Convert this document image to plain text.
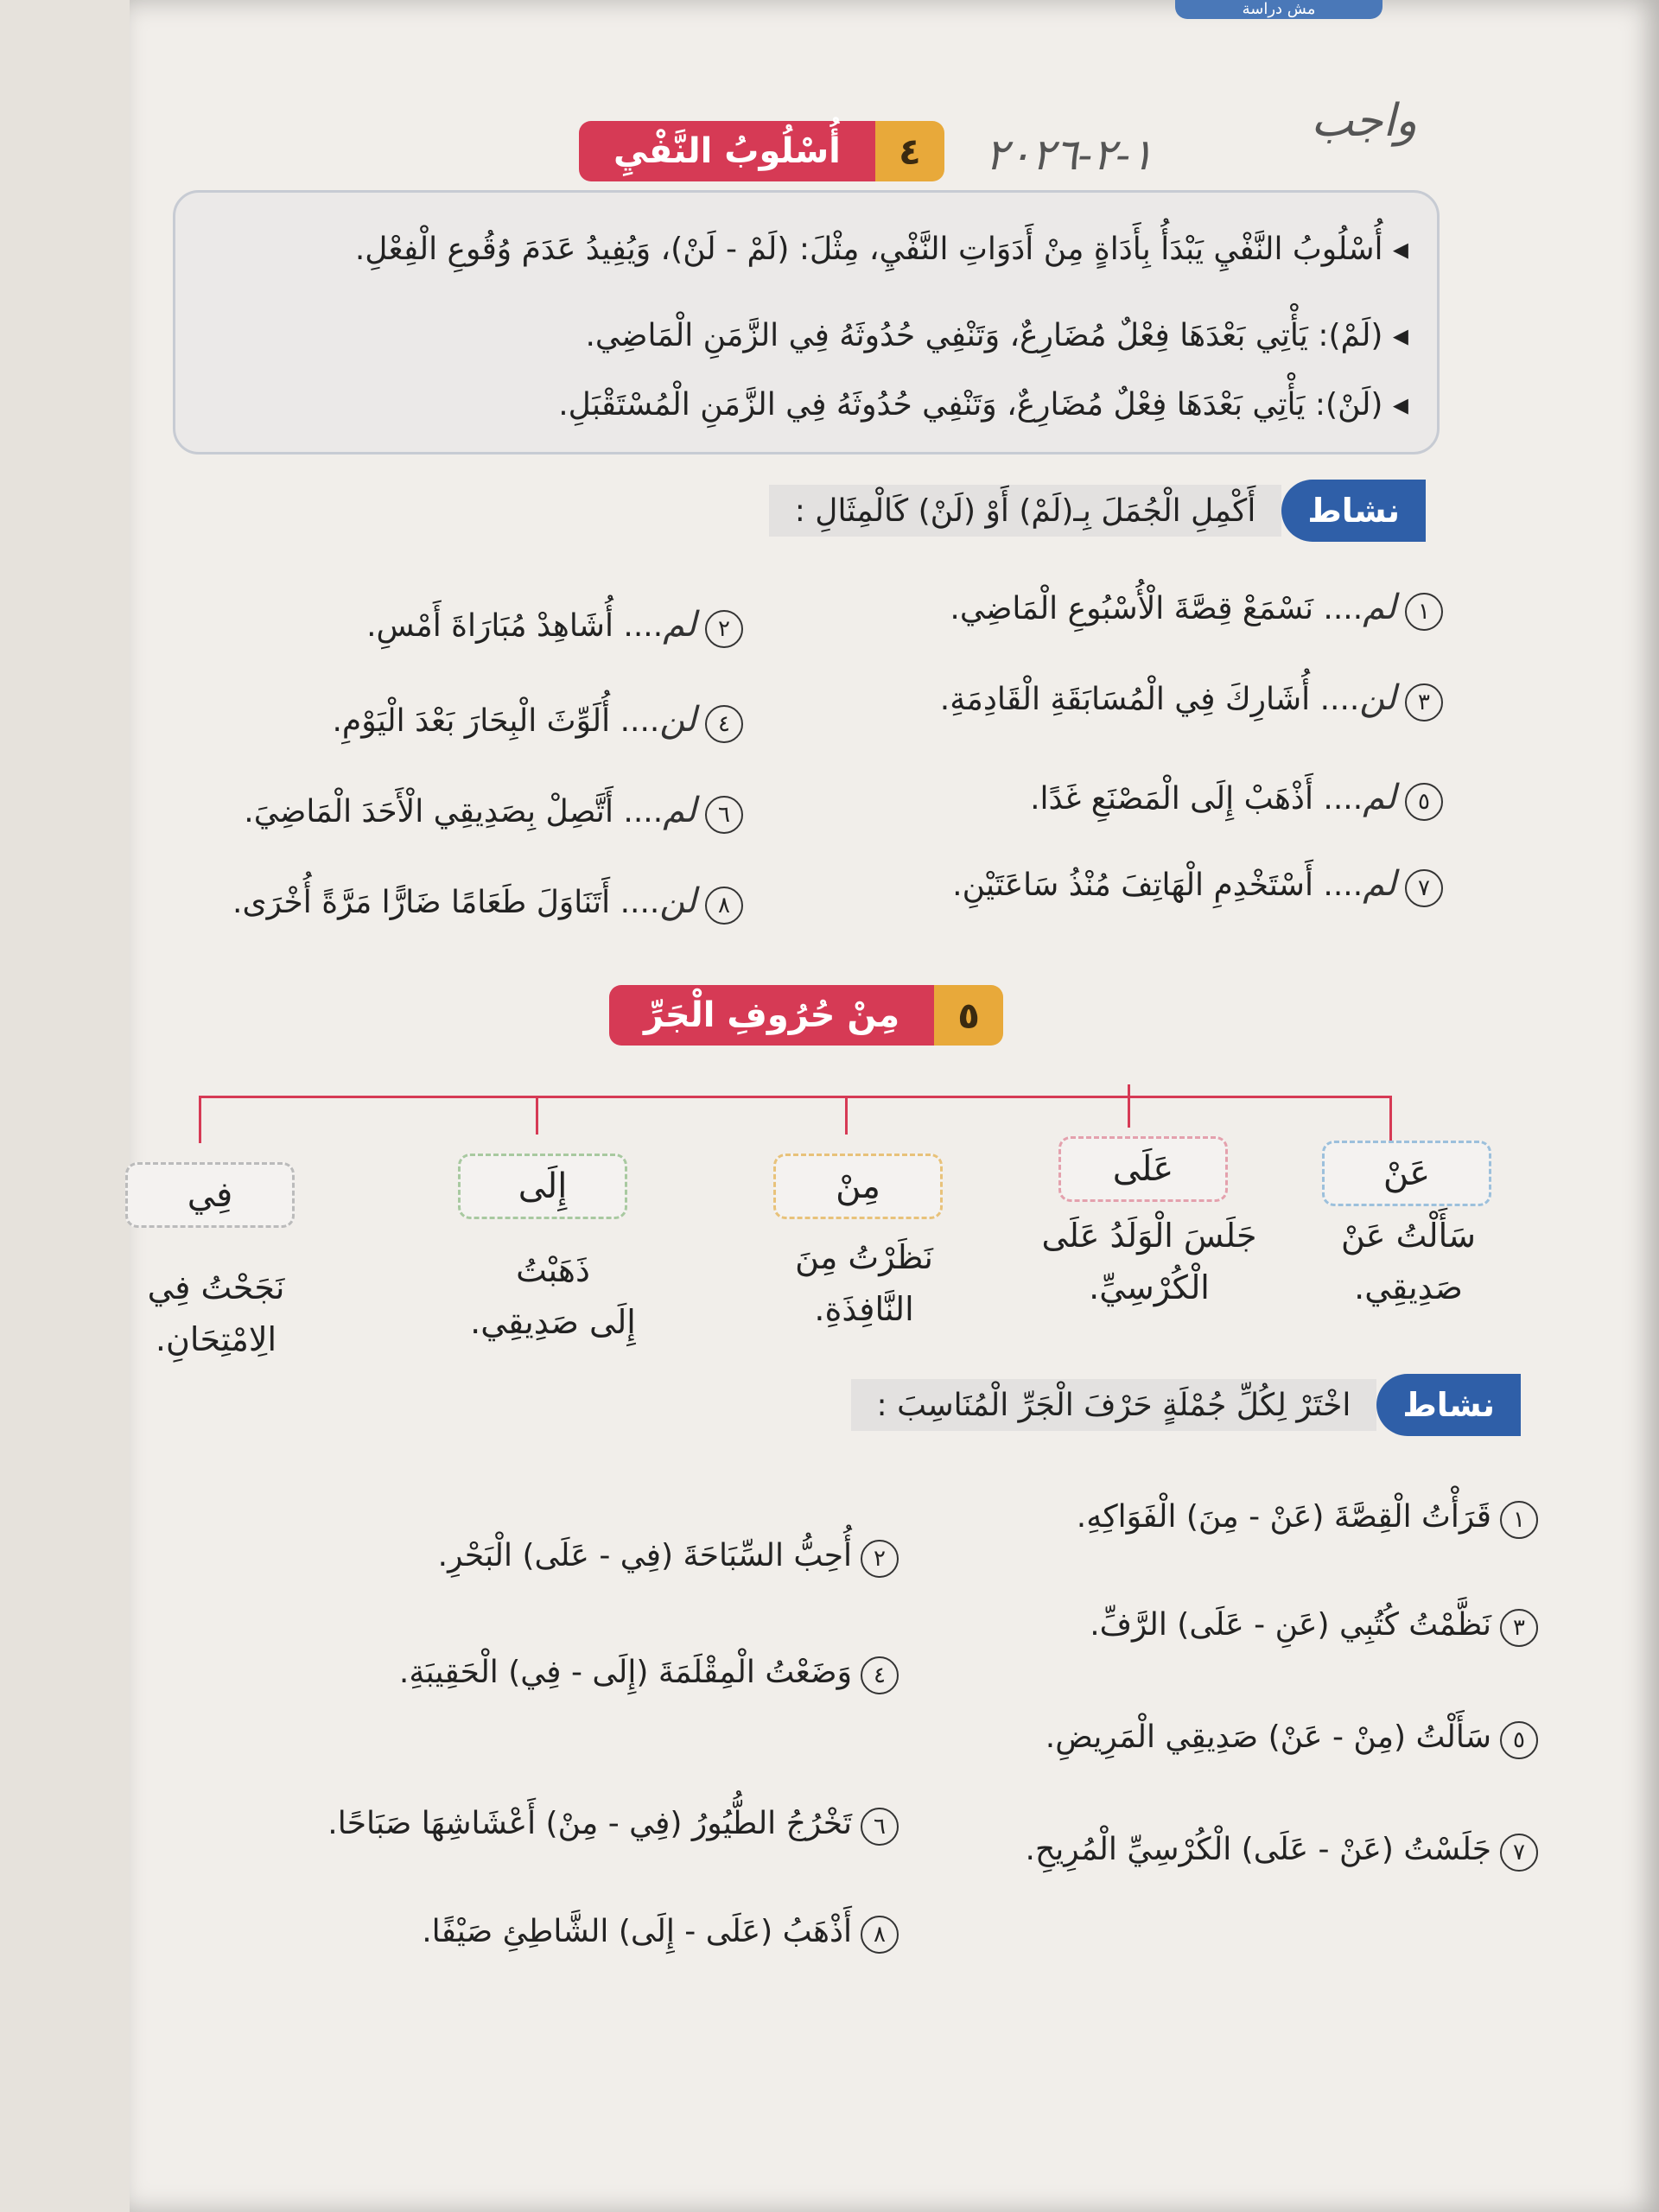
مش دراسة
واجب
١-٢-٢٠٢٦
٤
أُسْلُوبُ النَّفْيِ
◂ أُسْلُوبُ النَّفْيِ يَبْدَأُ بِأَدَاةٍ مِنْ أَدَوَاتِ النَّفْيِ، مِثْلَ: (لَمْ - لَنْ)، وَيُفِيدُ عَدَمَ وُقُوعِ الْفِعْلِ.
◂ (لَمْ): يَأْتِي بَعْدَهَا فِعْلٌ مُضَارِعٌ، وَتَنْفِي حُدُوثَهُ فِي الزَّمَنِ الْمَاضِي.
◂ (لَنْ): يَأْتِي بَعْدَهَا فِعْلٌ مُضَارِعٌ، وَتَنْفِي حُدُوثَهُ فِي الزَّمَنِ الْمُسْتَقْبَلِ.
نشاط
أَكْمِلِ الْجُمَلَ بِـ(لَمْ) أَوْ (لَنْ) كَالْمِثَالِ :
١لم.... نَسْمَعْ قِصَّةَ الْأُسْبُوعِ الْمَاضِي.
٣لن.... أُشَارِكَ فِي الْمُسَابَقَةِ الْقَادِمَةِ.
٥لم.... أَذْهَبْ إِلَى الْمَصْنَعِ غَدًا.
٧لم.... أَسْتَخْدِمِ الْهَاتِفَ مُنْذُ سَاعَتَيْنِ.
٢لم.... أُشَاهِدْ مُبَارَاةَ أَمْسِ.
٤لن.... أُلَوِّثَ الْبِحَارَ بَعْدَ الْيَوْمِ.
٦لم.... أَتَّصِلْ بِصَدِيقِي الْأَحَدَ الْمَاضِيَ.
٨لن.... أَتَنَاوَلَ طَعَامًا ضَارًّا مَرَّةً أُخْرَى.
٥
مِنْ حُرُوفِ الْجَرِّ
عَنْ
عَلَى
مِنْ
إِلَى
فِي
سَأَلْتُ عَنْ
صَدِيقِي.
جَلَسَ الْوَلَدُ عَلَى
الْكُرْسِيِّ.
نَظَرْتُ مِنَ
النَّافِذَةِ.
ذَهَبْتُ
إِلَى صَدِيقِي.
نَجَحْتُ فِي
الِامْتِحَانِ.
نشاط
اخْتَرْ لِكُلِّ جُمْلَةٍ حَرْفَ الْجَرِّ الْمُنَاسِبَ :
١قَرَأْتُ الْقِصَّةَ (عَنْ - مِنَ) الْفَوَاكِهِ.
٣نَظَّمْتُ كُتُبِي (عَنِ - عَلَى) الرَّفِّ.
٥سَأَلْتُ (مِنْ - عَنْ) صَدِيقِي الْمَرِيضِ.
٧جَلَسْتُ (عَنْ - عَلَى) الْكُرْسِيِّ الْمُرِيحِ.
٢أُحِبُّ السِّبَاحَةَ (فِي - عَلَى) الْبَحْرِ.
٤وَضَعْتُ الْمِقْلَمَةَ (إِلَى - فِي) الْحَقِيبَةِ.
٦تَخْرُجُ الطُّيُورُ (فِي - مِنْ) أَعْشَاشِهَا صَبَاحًا.
٨أَذْهَبُ (عَلَى - إِلَى) الشَّاطِئِ صَيْفًا.
